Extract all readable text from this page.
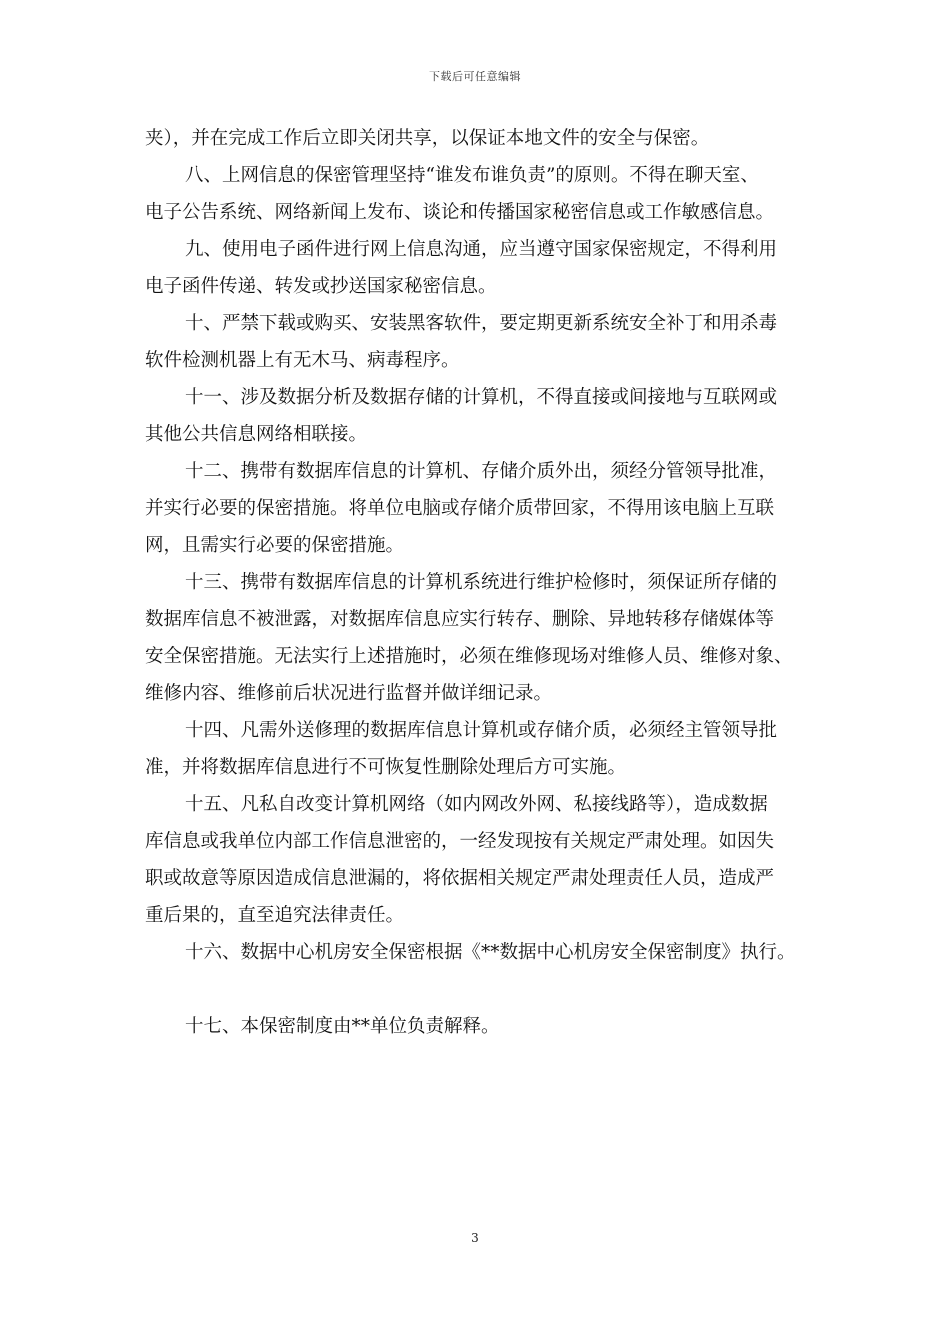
下载后可任意编辑
夹），并在完成工作后立即关闭共享，以保证本地文件的安全与保密。
八、上网信息的保密管理坚持“谁发布谁负责”的原则。不得在聊天室、
电子公告系统、网络新闻上发布、谈论和传播国家秘密信息或工作敏感信息。
九、使用电子函件进行网上信息沟通，应当遵守国家保密规定，不得利用
电子函件传递、转发或抄送国家秘密信息。
十、严禁下载或购买、安装黑客软件，要定期更新系统安全补丁和用杀毒
软件检测机器上有无木马、病毒程序。
十一、涉及数据分析及数据存储的计算机，不得直接或间接地与互联网或
其他公共信息网络相联接。
十二、携带有数据库信息的计算机、存储介质外出，须经分管领导批准，
并实行必要的保密措施。将单位电脑或存储介质带回家，不得用该电脑上互联
网，且需实行必要的保密措施。
十三、携带有数据库信息的计算机系统进行维护检修时，须保证所存储的
数据库信息不被泄露，对数据库信息应实行转存、删除、异地转移存储媒体等
安全保密措施。无法实行上述措施时，必须在维修现场对维修人员、维修对象、
维修内容、维修前后状况进行监督并做详细记录。
十四、凡需外送修理的数据库信息计算机或存储介质，必须经主管领导批
准，并将数据库信息进行不可恢复性删除处理后方可实施。
十五、凡私自改变计算机网络（如内网改外网、私接线路等），造成数据
库信息或我单位内部工作信息泄密的，一经发现按有关规定严肃处理。如因失
职或故意等原因造成信息泄漏的，将依据相关规定严肃处理责任人员，造成严
重后果的，直至追究法律责任。
十六、数据中心机房安全保密根据《**数据中心机房安全保密制度》执行。
十七、本保密制度由**单位负责解释。
3
